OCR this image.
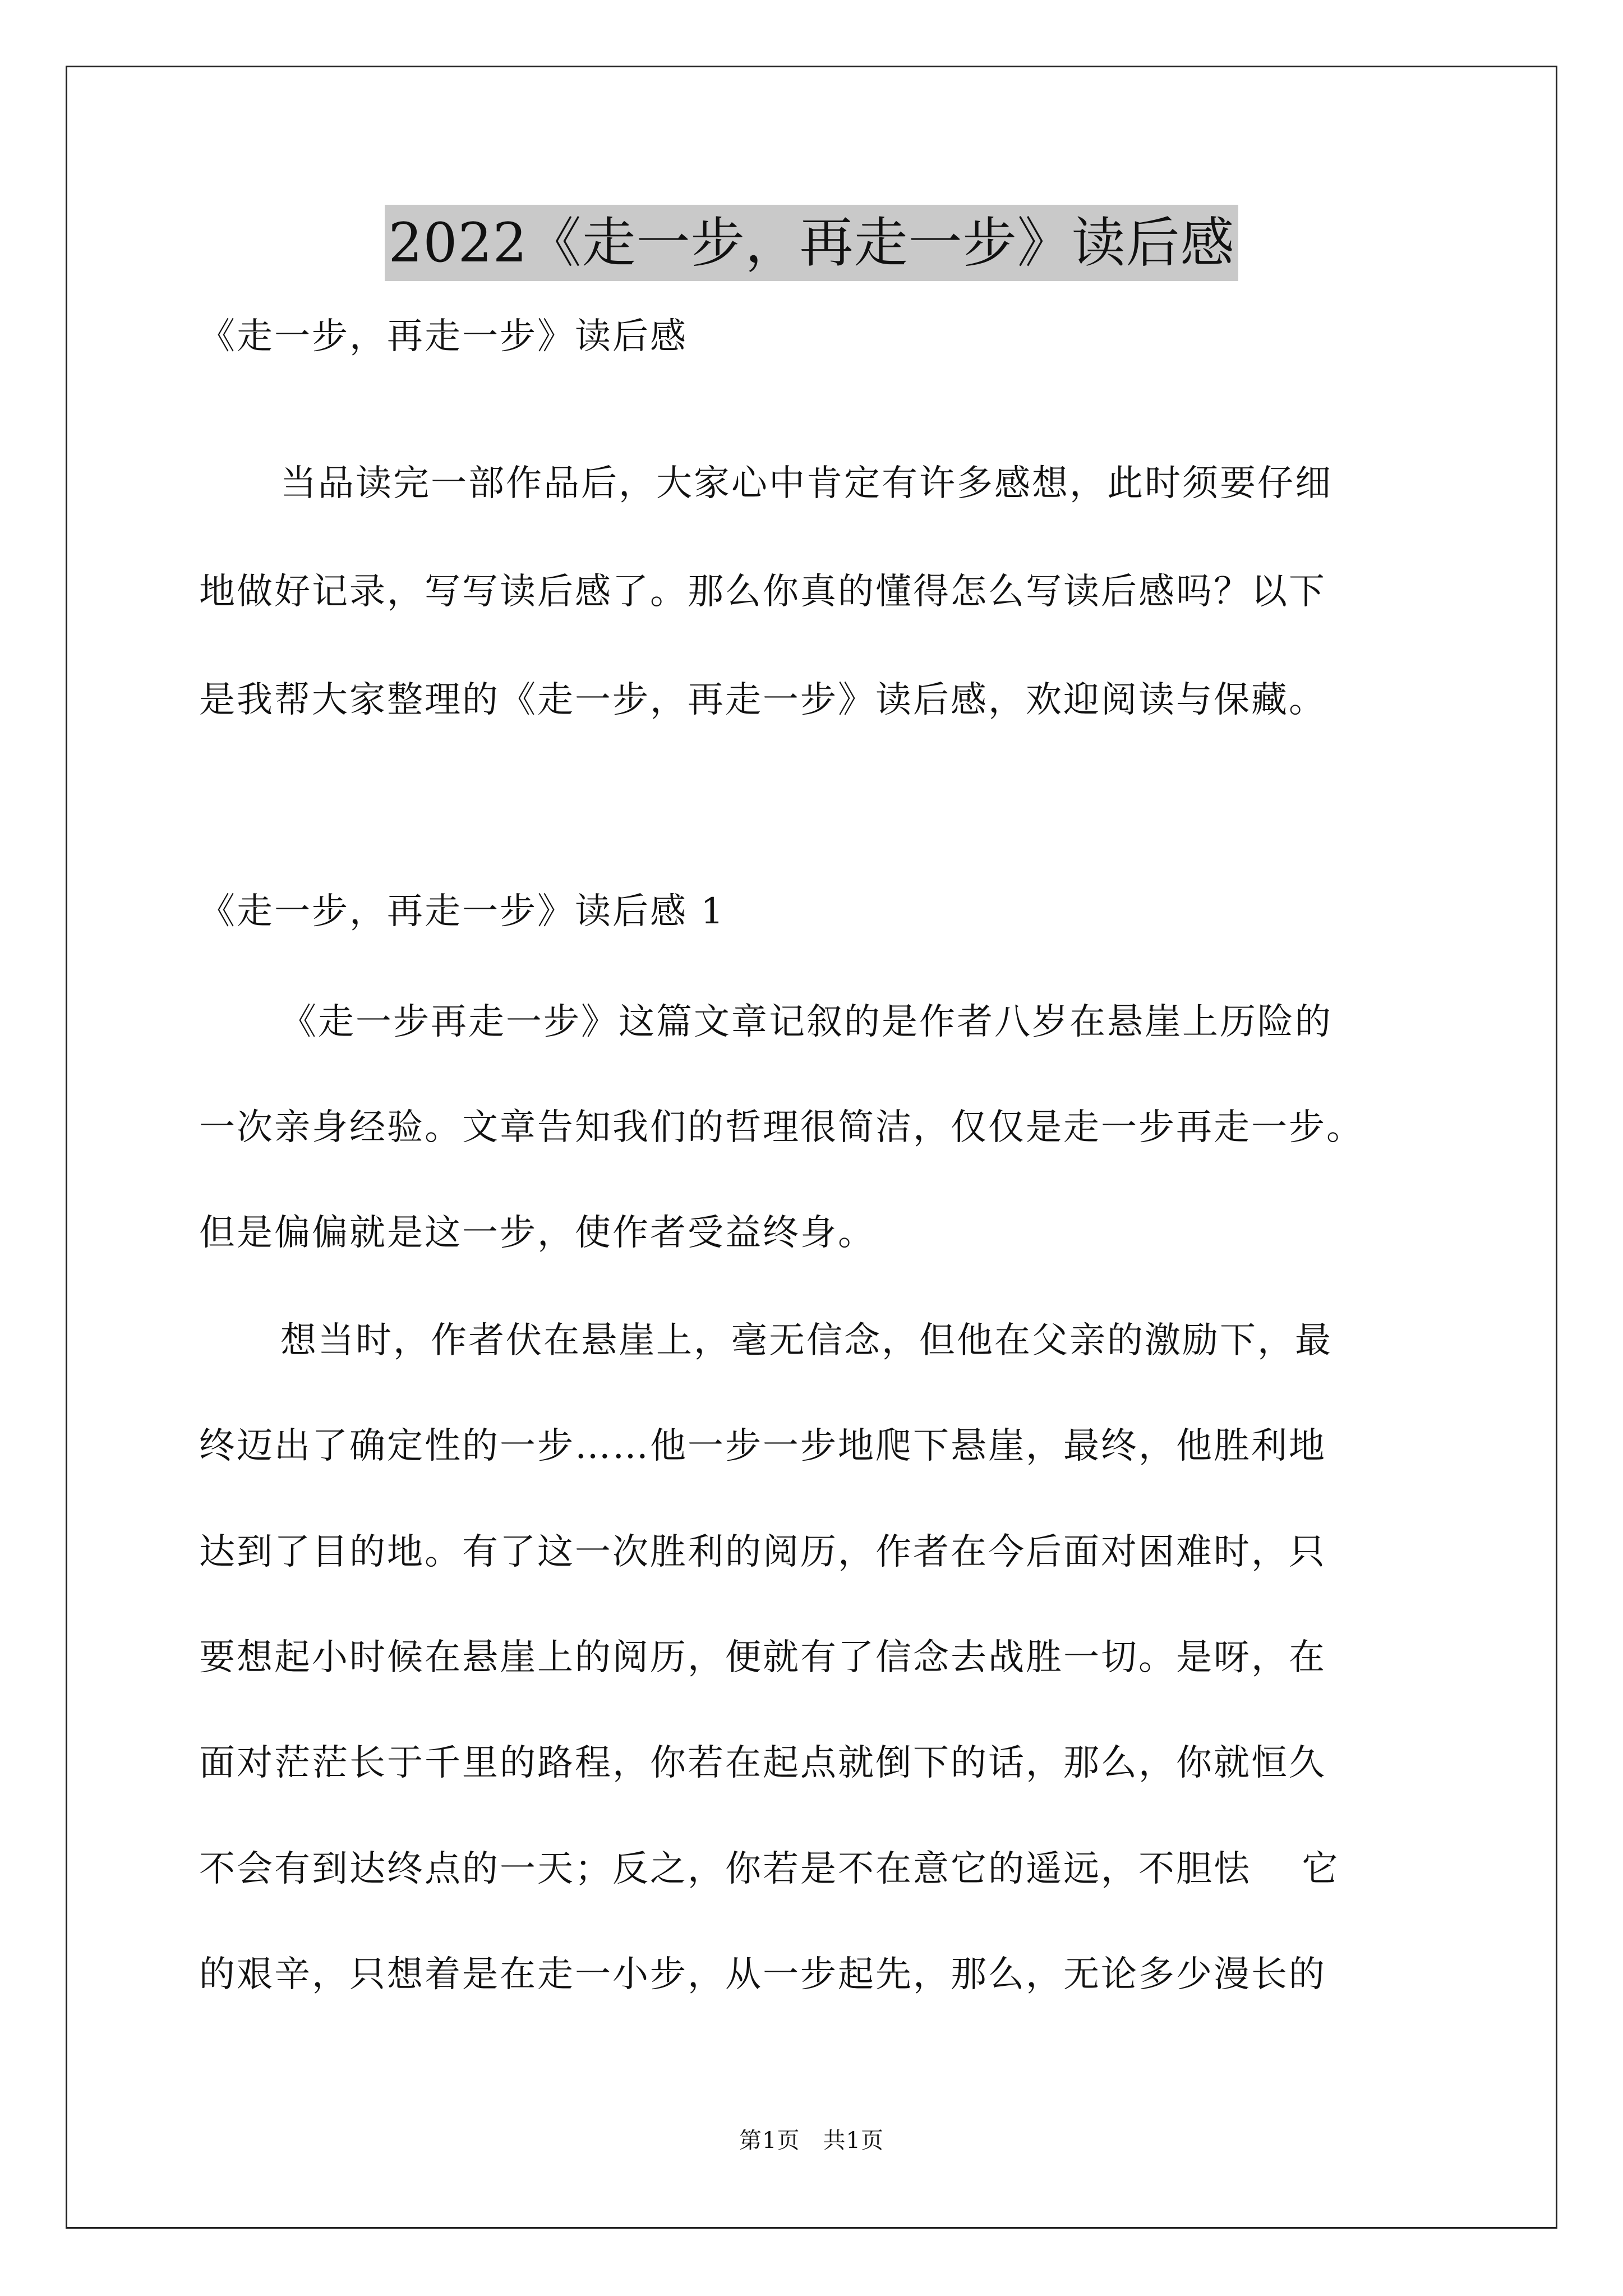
2022《走一步，再走一步》读后感
《走一步，再走一步》读后感
当品读完一部作品后，大家心中肯定有许多感想，此时须要仔细
地做好记录，写写读后感了。那么你真的懂得怎么写读后感吗？以下
是我帮大家整理的《走一步，再走一步》读后感，欢迎阅读与保藏。
《走一步，再走一步》读后感 1
《走一步再走一步》这篇文章记叙的是作者八岁在悬崖上历险的
一次亲身经验。文章告知我们的哲理很简洁，仅仅是走一步再走一步。
但是偏偏就是这一步，使作者受益终身。
想当时，作者伏在悬崖上，毫无信念，但他在父亲的激励下，最
终迈出了确定性的一步……他一步一步地爬下悬崖，最终，他胜利地
达到了目的地。有了这一次胜利的阅历，作者在今后面对困难时，只
要想起小时候在悬崖上的阅历，便就有了信念去战胜一切。是呀，在
面对茫茫长于千里的路程，你若在起点就倒下的话，那么，你就恒久
不会有到达终点的一天；反之，你若是不在意它的遥远，不胆怯　 它
的艰辛，只想着是在走一小步，从一步起先，那么，无论多少漫长的
第1页　共1页
